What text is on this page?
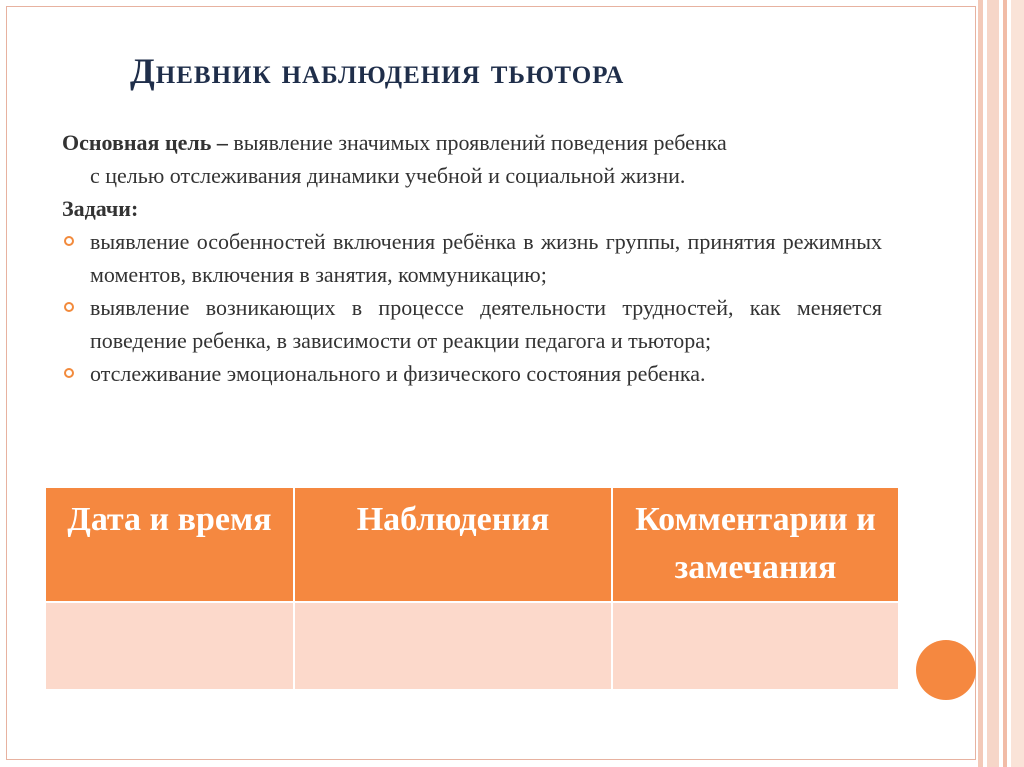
Дневник наблюдения тьютора

Основная цель – выявление значимых проявлений поведения ребенка
с целью отслеживания динамики учебной и социальной жизни.

Задачи:

выявление особенностей включения ребёнка в жизнь группы, принятия режимных моментов, включения в занятия, коммуникацию;
выявление возникающих в процессе деятельности трудностей, как меняется поведение ребенка, в зависимости от реакции педагога и тьютора;
отслеживание эмоционального и физического состояния ребенка.
Дата и время	Наблюдения	Комментарии и замечания
